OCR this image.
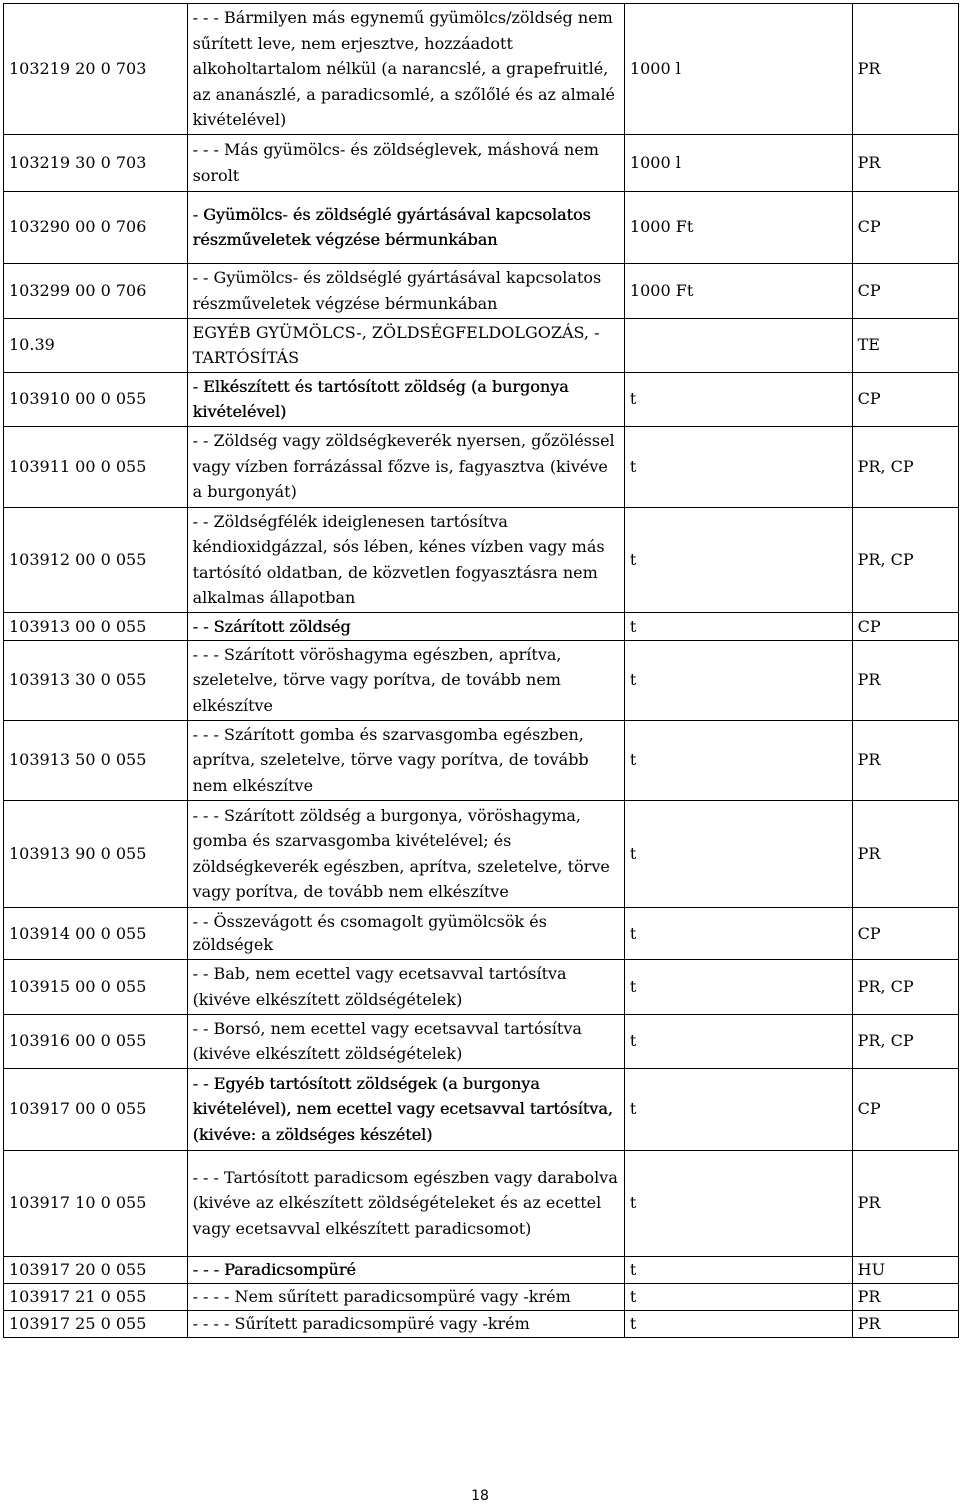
103219 20 0 703	- - - Bármilyen más egynemű gyümölcs/zöldség nem sűrített leve, nem erjesztve, hozzáadott alkoholtartalom nélkül (a narancslé, a grapefruitlé, az ananászlé, a paradicsomlé, a szőlőlé és az almalé kivételével)	1000 l	PR
103219 30 0 703	- - - Más gyümölcs- és zöldséglevek, máshová nem sorolt	1000 l	PR
103290 00 0 706	- Gyümölcs- és zöldséglé gyártásával kapcsolatos részműveletek végzése bérmunkában	1000 Ft	CP
103299 00 0 706	- - Gyümölcs- és zöldséglé gyártásával kapcsolatos részműveletek végzése bérmunkában	1000 Ft	CP
10.39	EGYÉB GYÜMÖLCS-, ZÖLDSÉGFELDOLGOZÁS, -TARTÓSÍTÁS		TE
103910 00 0 055	- Elkészített és tartósított zöldség (a burgonya kivételével)	t	CP
103911 00 0 055	- - Zöldség vagy zöldségkeverék nyersen, gőzöléssel vagy vízben forrázással főzve is, fagyasztva (kivéve a burgonyát)	t	PR, CP
103912 00 0 055	- - Zöldségfélék ideiglenesen tartósítva kéndioxidgázzal, sós lében, kénes vízben vagy más tartósító oldatban, de közvetlen fogyasztásra nem alkalmas állapotban	t	PR, CP
103913 00 0 055	- - Szárított zöldség	t	CP
103913 30 0 055	- - - Szárított vöröshagyma egészben, aprítva, szeletelve, törve vagy porítva, de tovább nem elkészítve	t	PR
103913 50 0 055	- - - Szárított gomba és szarvasgomba egészben, aprítva, szeletelve, törve vagy porítva, de tovább nem elkészítve	t	PR
103913 90 0 055	- - - Szárított zöldség a burgonya, vöröshagyma, gomba és szarvasgomba kivételével; és zöldségkeverék egészben, aprítva, szeletelve, törve vagy porítva, de tovább nem elkészítve	t	PR
103914 00 0 055	- - Összevágott és csomagolt gyümölcsök és zöldségek	t	CP
103915 00 0 055	- - Bab, nem ecettel vagy ecetsavval tartósítva (kivéve elkészített zöldségételek)	t	PR, CP
103916 00 0 055	- - Borsó, nem ecettel vagy ecetsavval tartósítva (kivéve elkészített zöldségételek)	t	PR, CP
103917 00 0 055	- - Egyéb tartósított zöldségek (a burgonya kivételével), nem ecettel vagy ecetsavval tartósítva, (kivéve: a zöldséges készétel)	t	CP
103917 10 0 055	- - - Tartósított paradicsom egészben vagy darabolva (kivéve az elkészített zöldségételeket és az ecettel vagy ecetsavval elkészített paradicsomot)	t	PR
103917 20 0 055	- - - Paradicsompüré	t	HU
103917 21 0 055	- - - - Nem sűrített paradicsompüré vagy -krém	t	PR
103917 25 0 055	- - - - Sűrített paradicsompüré vagy -krém	t	PR
18
